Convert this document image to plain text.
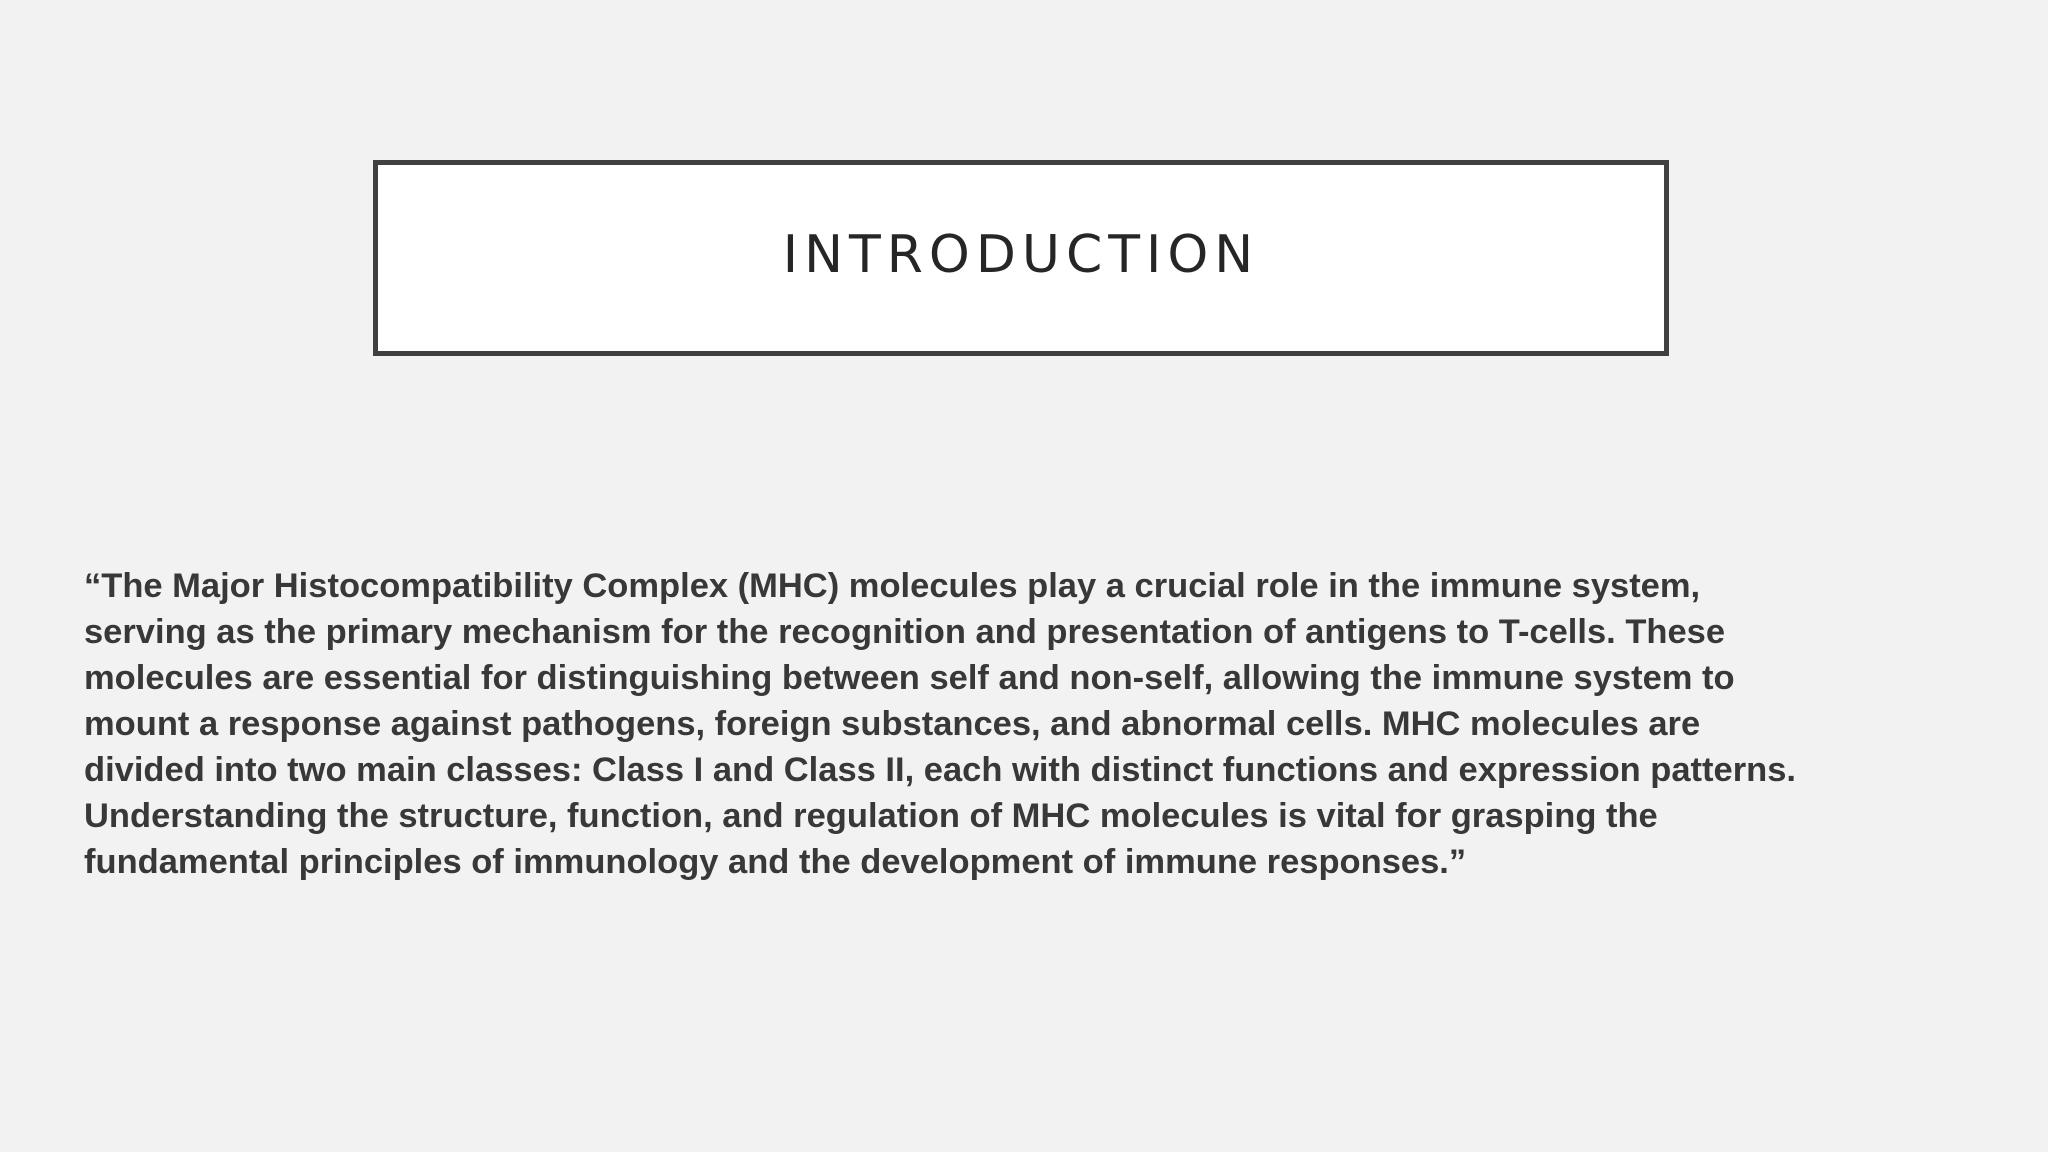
INTRODUCTION

“The Major Histocompatibility Complex (MHC) molecules play a crucial role in the immune system,
serving as the primary mechanism for the recognition and presentation of antigens to T-cells. These
molecules are essential for distinguishing between self and non-self, allowing the immune system to
mount a response against pathogens, foreign substances, and abnormal cells. MHC molecules are
divided into two main classes: Class I and Class II, each with distinct functions and expression patterns.
Understanding the structure, function, and regulation of MHC molecules is vital for grasping the
fundamental principles of immunology and the development of immune responses.”
